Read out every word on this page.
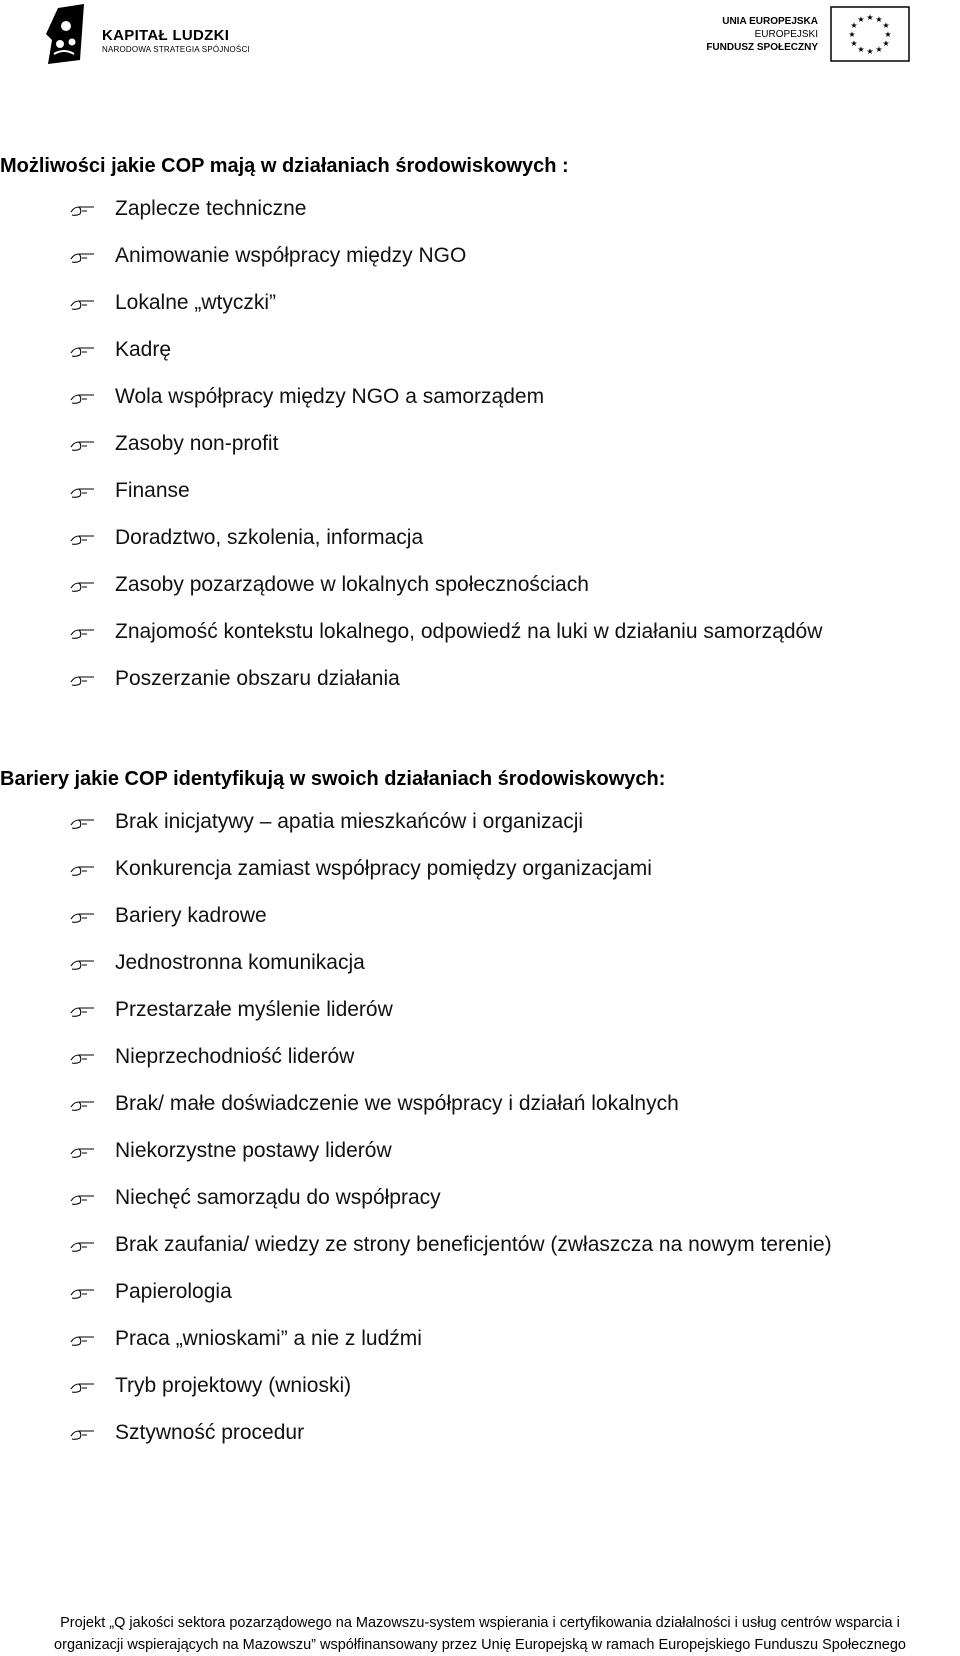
KAPITAŁ LUDZKI
NARODOWA STRATEGIA SPÓJNOŚCI
UNIA EUROPEJSKA
EUROPEJSKI
FUNDUSZ SPOŁECZNY
★ ★
★
★
★
★
★
★
★
★
★
★
Możliwości jakie COP mają w działaniach środowiskowych :
Zaplecze techniczne
Animowanie współpracy między NGO
Lokalne „wtyczki”
Kadrę
Wola współpracy między NGO a samorządem
Zasoby non-profit
Finanse
Doradztwo, szkolenia, informacja
Zasoby pozarządowe w lokalnych społecznościach
Znajomość kontekstu lokalnego, odpowiedź na luki w działaniu samorządów
Poszerzanie obszaru działania
Bariery jakie COP identyfikują w swoich działaniach środowiskowych:
Brak inicjatywy – apatia mieszkańców i organizacji
Konkurencja zamiast współpracy pomiędzy organizacjami
Bariery kadrowe
Jednostronna komunikacja
Przestarzałe myślenie liderów
Nieprzechodniość liderów
Brak/ małe doświadczenie we współpracy i działań lokalnych
Niekorzystne postawy liderów
Niechęć samorządu do współpracy
Brak zaufania/ wiedzy ze strony beneficjentów (zwłaszcza na nowym terenie)
Papierologia
Praca „wnioskami” a nie z ludźmi
Tryb projektowy (wnioski)
Sztywność procedur
Projekt „Q jakości sektora pozarządowego na Mazowszu-system wspierania i certyfikowania działalności i usług centrów wsparcia i
organizacji wspierających na Mazowszu” współfinansowany przez Unię Europejską w ramach Europejskiego Funduszu Społecznego
